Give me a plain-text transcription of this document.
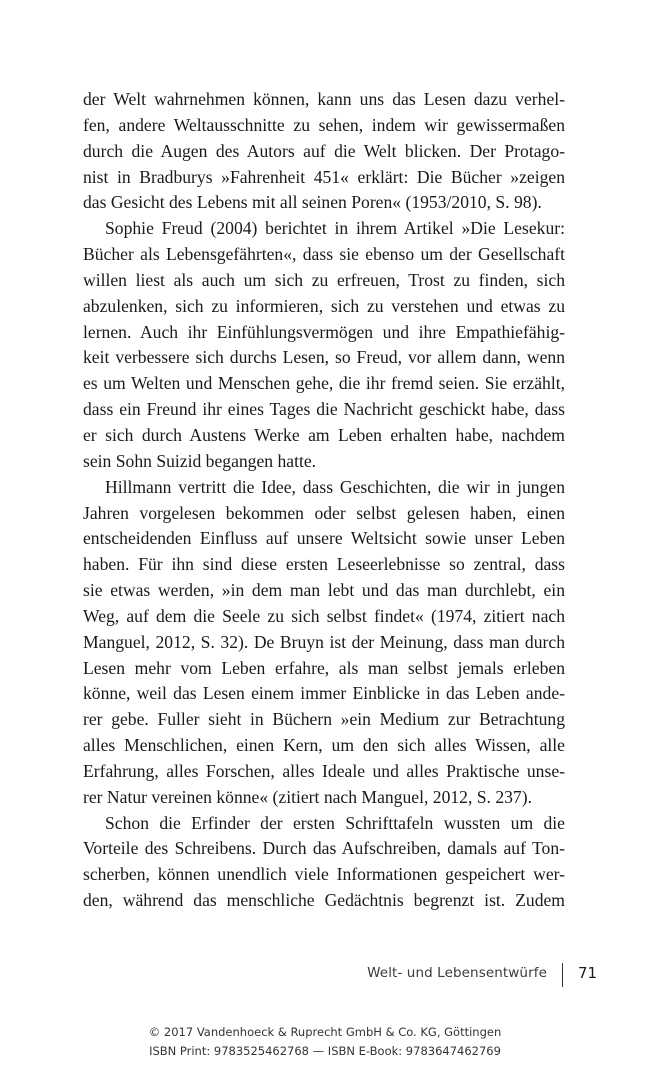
der Welt wahrnehmen können, kann uns das Lesen dazu verhel-
fen, andere Weltausschnitte zu sehen, indem wir gewissermaßen
durch die Augen des Autors auf die Welt blicken. Der Protago-
nist in Bradburys »Fahrenheit 451« erklärt: Die Bücher »zeigen
das Gesicht des Lebens mit all seinen Poren« (1953/2010, S. 98).
Sophie Freud (2004) berichtet in ihrem Artikel »Die Lesekur:
Bücher als Lebensgefährten«, dass sie ebenso um der Gesellschaft
willen liest als auch um sich zu erfreuen, Trost zu finden, sich
abzulenken, sich zu informieren, sich zu verstehen und etwas zu
lernen. Auch ihr Einfühlungsvermögen und ihre Empathiefähig-
keit verbessere sich durchs Lesen, so Freud, vor allem dann, wenn
es um Welten und Menschen gehe, die ihr fremd seien. Sie erzählt,
dass ein Freund ihr eines Tages die Nachricht geschickt habe, dass
er sich durch Austens Werke am Leben erhalten habe, nachdem
sein Sohn Suizid begangen hatte.
Hillmann vertritt die Idee, dass Geschichten, die wir in jungen
Jahren vorgelesen bekommen oder selbst gelesen haben, einen
entscheidenden Einfluss auf unsere Weltsicht sowie unser Leben
haben. Für ihn sind diese ersten Leseerlebnisse so zentral, dass
sie etwas werden, »in dem man lebt und das man durchlebt, ein
Weg, auf dem die Seele zu sich selbst findet« (1974, zitiert nach
Manguel, 2012, S. 32). De Bruyn ist der Meinung, dass man durch
Lesen mehr vom Leben erfahre, als man selbst jemals erleben
könne, weil das Lesen einem immer Einblicke in das Leben ande-
rer gebe. Fuller sieht in Büchern »ein Medium zur Betrachtung
alles Menschlichen, einen Kern, um den sich alles Wissen, alle
Erfahrung, alles Forschen, alles Ideale und alles Praktische unse-
rer Natur vereinen könne« (zitiert nach Manguel, 2012, S. 237).
Schon die Erfinder der ersten Schrifttafeln wussten um die
Vorteile des Schreibens. Durch das Aufschreiben, damals auf Ton-
scherben, können unendlich viele Informationen gespeichert wer-
den, während das menschliche Gedächtnis begrenzt ist. Zudem
Welt- und Lebensentwürfe 71
© 2017 Vandenhoeck & Ruprecht GmbH & Co. KG, Göttingen
ISBN Print: 9783525462768 — ISBN E-Book: 9783647462769
